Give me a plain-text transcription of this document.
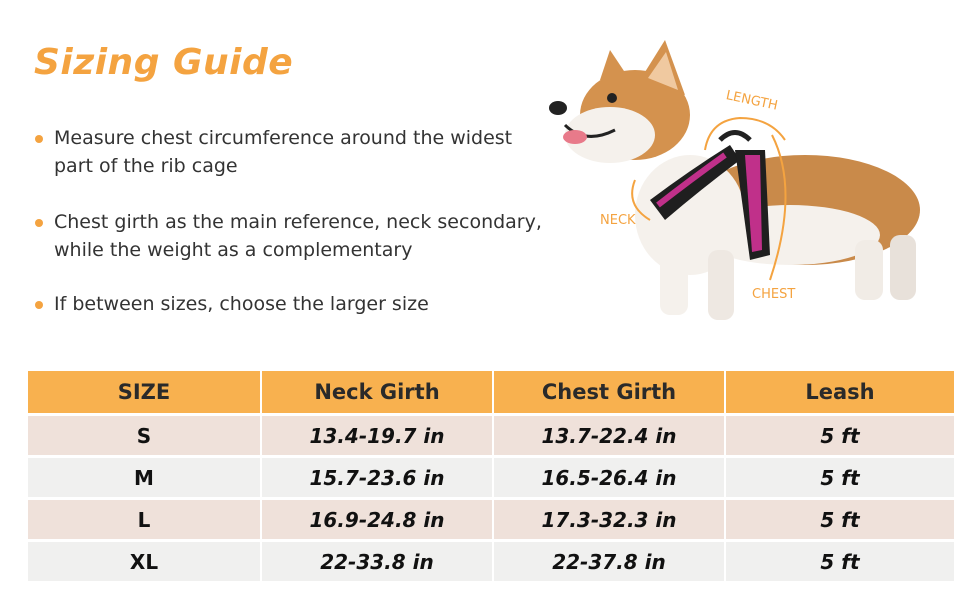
Sizing Guide
Measure chest circumference around the widest part of the rib cage
Chest girth as the main reference, neck secondary, while the weight as a complementary
If between sizes, choose the larger size
LENGTH
NECK
CHEST
SIZE	Neck Girth	Chest Girth	Leash
S	13.4-19.7 in	13.7-22.4 in	5 ft
M	15.7-23.6 in	16.5-26.4 in	5 ft
L	16.9-24.8 in	17.3-32.3 in	5 ft
XL	22-33.8 in	22-37.8 in	5 ft
